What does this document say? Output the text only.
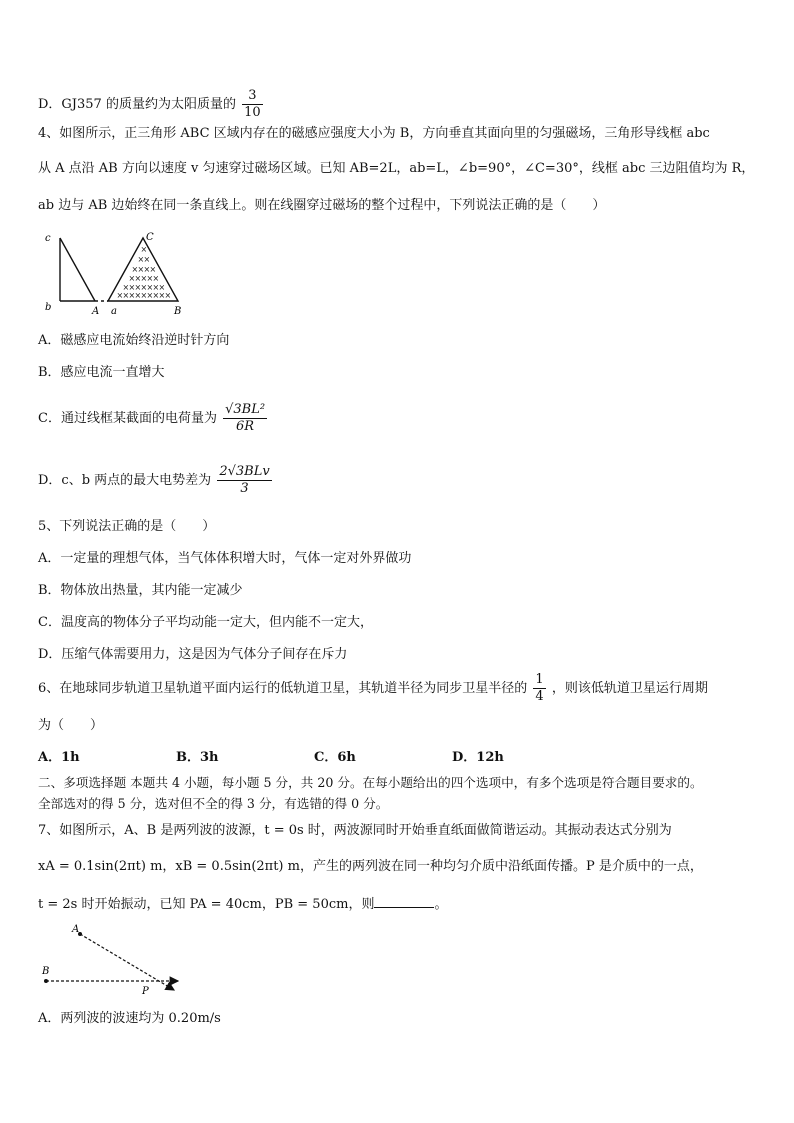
D．GJ357 的质量约为太阳质量的 $\frac{3}{10}$
4、如图所示，正三角形 ABC 区域内存在的磁感应强度大小为 B，方向垂直其面向里的匀强磁场，三角形导线框 abc
从 A 点沿 AB 方向以速度 v 匀速穿过磁场区域。已知 AB=2L，ab=L，∠b=90°，∠C=30°，线框 abc 三边阻值均为 R，
ab 边与 AB 边始终在同一条直线上。则在线圈穿过磁场的整个过程中，下列说法正确的是（　　）
c
b	a
A	B
C
×
× ×
× × × ×
× × × × ×
× × × × × × ×
× × × × × × × × ×
A．磁感应电流始终沿逆时针方向
B．感应电流一直增大
C．通过线框某截面的电荷量为 $\frac{\text{√3BL²}}{6R}$
D．c、b 两点的最大电势差为 $\frac{\text{2√3BLv}}{3}$
5、下列说法正确的是（　　）
A．一定量的理想气体，当气体体积增大时，气体一定对外界做功
B．物体放出热量，其内能一定减少
C．温度高的物体分子平均动能一定大，但内能不一定大，
D．压缩气体需要用力，这是因为气体分子间存在斥力
6、在地球同步轨道卫星轨道平面内运行的低轨道卫星，其轨道半径为同步卫星半径的 $\frac{1}{4}$ ，则该低轨道卫星运行周期
为（　　）
A．1h	B．3h	C．6h	D．12h
二、多项选择题 本题共 4 小题，每小题 5 分，共 20 分。在每小题给出的四个选项中，有多个选项是符合题目要求的。
全部选对的得 5 分，选对但不全的得 3 分，有选错的得 0 分。
7、如图所示，A、B 是两列波的波源，t = 0s 时，两波源同时开始垂直纸面做简谐运动。其振动表达式分别为
xA = 0.1sin(2πt) m，xB = 0.5sin(2πt) m，产生的两列波在同一种均匀介质中沿纸面传播。P 是介质中的一点，
t = 2s 时开始振动，已知 PA = 40cm，PB = 50cm，则	。
A
B
P
A．两列波的波速均为 0.20m/s
